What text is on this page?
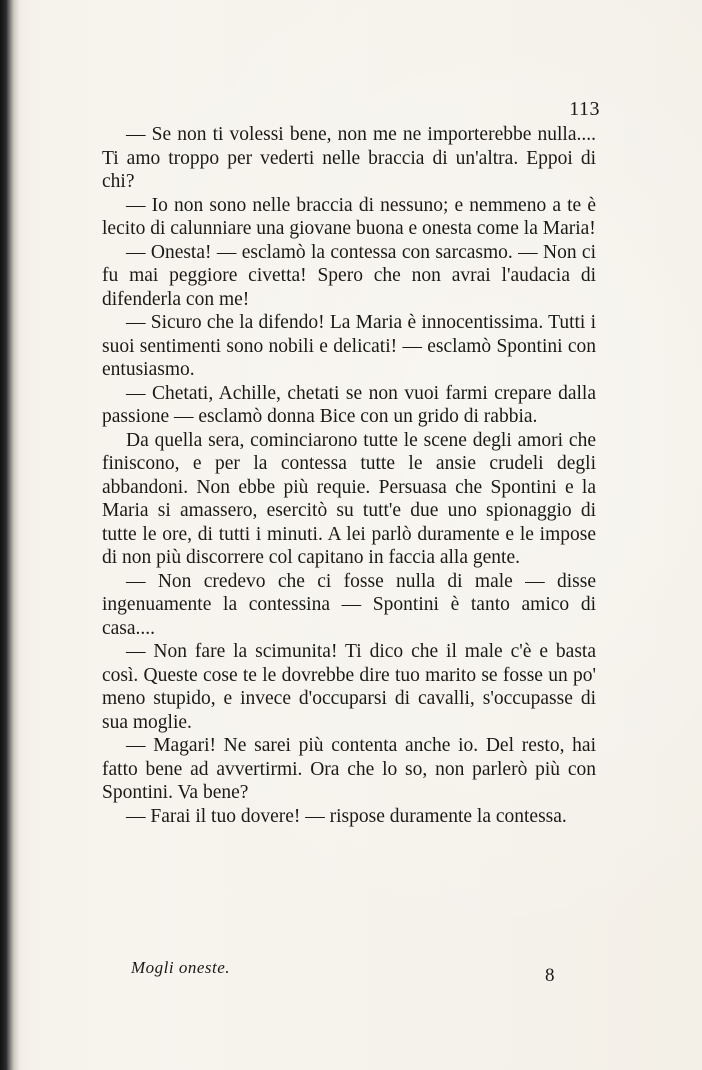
113

— Se non ti volessi bene, non me ne importerebbe nulla.... Ti amo troppo per vederti nelle braccia di un'altra. Eppoi di chi?

— Io non sono nelle braccia di nessuno; e nemmeno a te è lecito di calunniare una giovane buona e onesta come la Maria!

— Onesta! — esclamò la contessa con sarcasmo. — Non ci fu mai peggiore civetta! Spero che non avrai l'audacia di difenderla con me!

— Sicuro che la difendo! La Maria è innocentissima. Tutti i suoi sentimenti sono nobili e delicati! — esclamò Spontini con entusiasmo.

— Chetati, Achille, chetati se non vuoi farmi crepare dalla passione — esclamò donna Bice con un grido di rabbia.

Da quella sera, cominciarono tutte le scene degli amori che finiscono, e per la contessa tutte le ansie crudeli degli abbandoni. Non ebbe più requie. Persuasa che Spontini e la Maria si amassero, esercitò su tutt'e due uno spionaggio di tutte le ore, di tutti i minuti. A lei parlò duramente e le impose di non più discorrere col capitano in faccia alla gente.

— Non credevo che ci fosse nulla di male — disse ingenuamente la contessina — Spontini è tanto amico di casa....

— Non fare la scimunita! Ti dico che il male c'è e basta così. Queste cose te le dovrebbe dire tuo marito se fosse un po' meno stupido, e invece d'occuparsi di cavalli, s'occupasse di sua moglie.

— Magari! Ne sarei più contenta anche io. Del resto, hai fatto bene ad avvertirmi. Ora che lo so, non parlerò più con Spontini. Va bene?

— Farai il tuo dovere! — rispose duramente la contessa.

Mogli oneste.	8
